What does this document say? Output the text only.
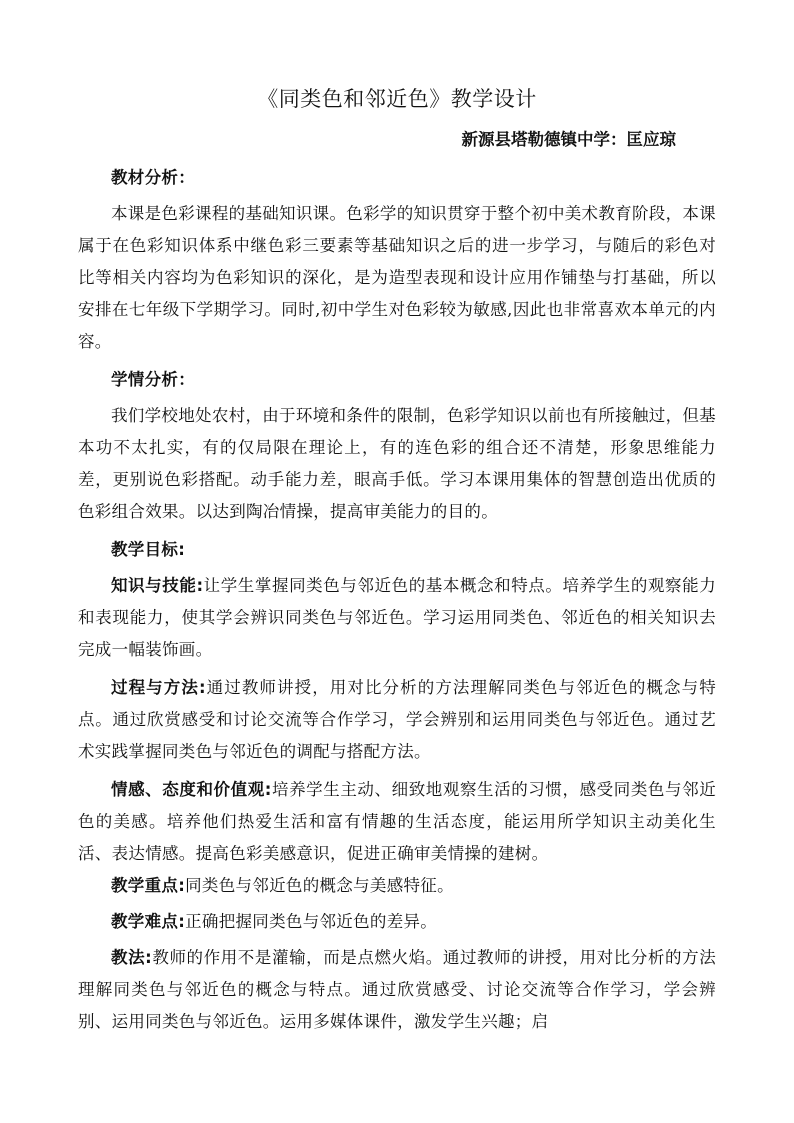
《同类色和邻近色》教学设计
新源县塔勒德镇中学：匡应琼

教材分析：

本课是色彩课程的基础知识课。色彩学的知识贯穿于整个初中美术教育阶段，本课属于在色彩知识体系中继色彩三要素等基础知识之后的进一步学习，与随后的彩色对比等相关内容均为色彩知识的深化，是为造型表现和设计应用作铺垫与打基础，所以安排在七年级下学期学习。同时,初中学生对色彩较为敏感,因此也非常喜欢本单元的内容。

学情分析：

我们学校地处农村，由于环境和条件的限制，色彩学知识以前也有所接触过，但基本功不太扎实，有的仅局限在理论上，有的连色彩的组合还不清楚，形象思维能力差，更别说色彩搭配。动手能力差，眼高手低。学习本课用集体的智慧创造出优质的色彩组合效果。以达到陶冶情操，提高审美能力的目的。

教学目标:

知识与技能:让学生掌握同类色与邻近色的基本概念和特点。培养学生的观察能力和表现能力，使其学会辨识同类色与邻近色。学习运用同类色、邻近色的相关知识去完成一幅装饰画。

过程与方法:通过教师讲授，用对比分析的方法理解同类色与邻近色的概念与特点。通过欣赏感受和讨论交流等合作学习，学会辨别和运用同类色与邻近色。通过艺术实践掌握同类色与邻近色的调配与搭配方法。

情感、态度和价值观:培养学生主动、细致地观察生活的习惯，感受同类色与邻近色的美感。培养他们热爱生活和富有情趣的生活态度，能运用所学知识主动美化生活、表达情感。提高色彩美感意识，促进正确审美情操的建树。

教学重点:同类色与邻近色的概念与美感特征。

教学难点:正确把握同类色与邻近色的差异。

教法:教师的作用不是灌输，而是点燃火焰。通过教师的讲授，用对比分析的方法理解同类色与邻近色的概念与特点。通过欣赏感受、讨论交流等合作学习，学会辨别、运用同类色与邻近色。运用多媒体课件，激发学生兴趣；启
